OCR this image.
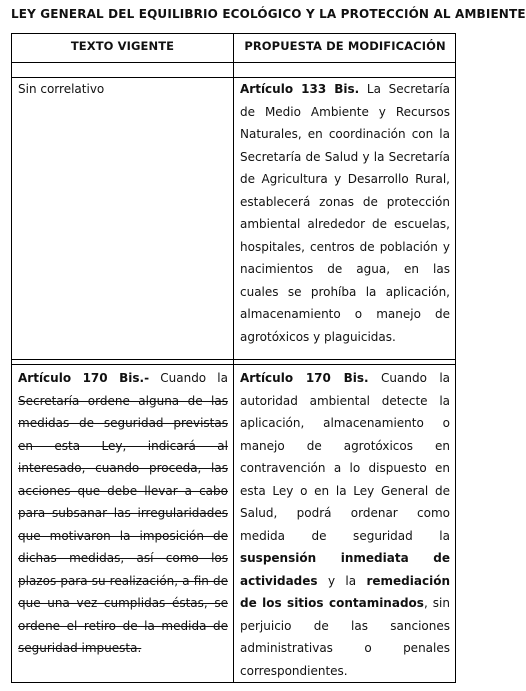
LEY GENERAL DEL EQUILIBRIO ECOLÓGICO Y LA PROTECCIÓN AL AMBIENTE
TEXTO VIGENTE	PROPUESTA DE MODIFICACIÓN
Sin correlativo	Artículo 133 Bis. La Secretaría de Medio Ambiente y Recursos Naturales, en coordinación con la Secretaría de Salud y la Secretaría de Agricultura y Desarrollo Rural, establecerá zonas de protección ambiental alrededor de escuelas, hospitales, centros de población y nacimientos de agua, en las cuales se prohíba la aplicación, almacenamiento o manejo de agrotóxicos y plaguicidas.
Artículo 170 Bis.- Cuando la Secretaría ordene alguna de las medidas de seguridad previstas en esta Ley, indicará al interesado, cuando proceda, las acciones que debe llevar a cabo para subsanar las irregularidades que motivaron la imposición de dichas medidas, así como los plazos para su realización, a fin de que una vez cumplidas éstas, se ordene el retiro de la medida de seguridad impuesta.
Artículo 170 Bis. Cuando la autoridad ambiental detecte la aplicación, almacenamiento o manejo de agrotóxicos en contravención a lo dispuesto en esta Ley o en la Ley General de Salud, podrá ordenar como medida de seguridad la suspensión inmediata de actividades y la remediación de los sitios contaminados, sin perjuicio de las sanciones administrativas o penales correspondientes.
